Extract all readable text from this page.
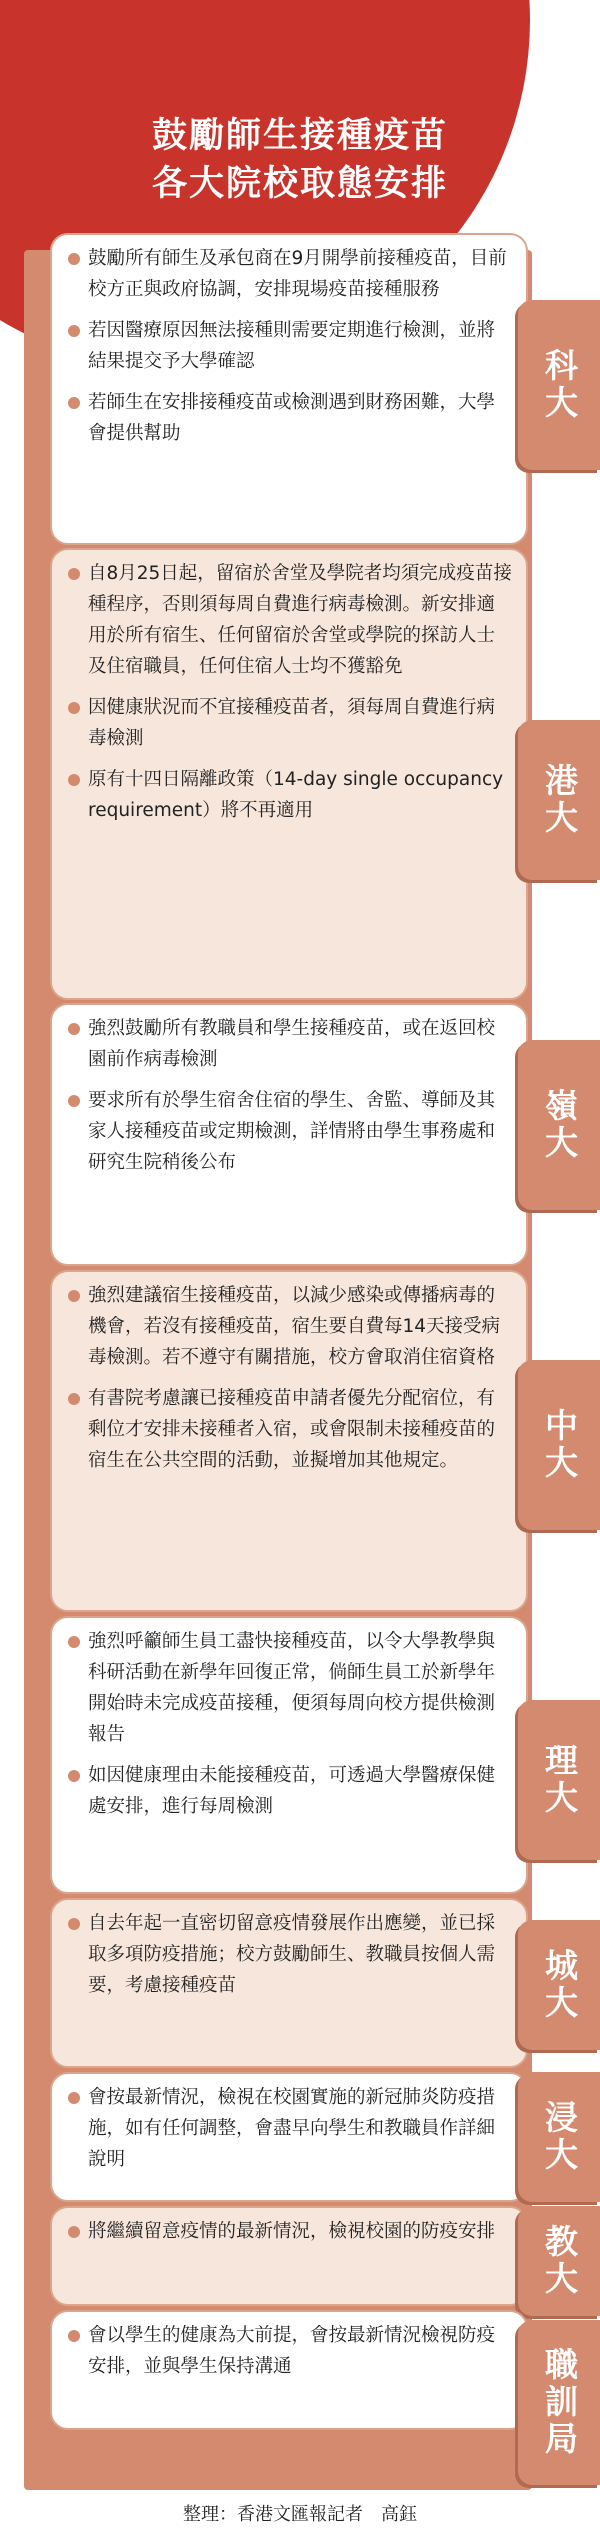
鼓勵師生接種疫苗
各大院校取態安排
鼓勵所有師生及承包商在9月開學前接種疫苗，目前校方正與政府協調，安排現場疫苗接種服務
若因醫療原因無法接種則需要定期進行檢測，並將結果提交予大學確認
若師生在安排接種疫苗或檢測遇到財務困難，大學會提供幫助
科大
自8月25日起，留宿於舍堂及學院者均須完成疫苗接種程序，否則須每周自費進行病毒檢測。新安排適用於所有宿生、任何留宿於舍堂或學院的探訪人士及住宿職員，任何住宿人士均不獲豁免
因健康狀況而不宜接種疫苗者，須每周自費進行病毒檢測
原有十四日隔離政策（14-day single occupancy requirement）將不再適用	港大
強烈鼓勵所有教職員和學生接種疫苗，或在返回校園前作病毒檢測
要求所有於學生宿舍住宿的學生、舍監、導師及其家人接種疫苗或定期檢測，詳情將由學生事務處和研究生院稍後公布
嶺大
強烈建議宿生接種疫苗，以減少感染或傳播病毒的機會，若沒有接種疫苗，宿生要自費每14天接受病毒檢測。若不遵守有關措施，校方會取消住宿資格
有書院考慮讓已接種疫苗申請者優先分配宿位，有剩位才安排未接種者入宿，或會限制未接種疫苗的宿生在公共空間的活動，並擬增加其他規定。	中大
強烈呼籲師生員工盡快接種疫苗，以令大學教學與科研活動在新學年回復正常，倘師生員工於新學年開始時未完成疫苗接種，便須每周向校方提供檢測報告
如因健康理由未能接種疫苗，可透過大學醫療保健處安排，進行每周檢測	理大
自去年起一直密切留意疫情發展作出應變，並已採取多項防疫措施；校方鼓勵師生、教職員按個人需要，考慮接種疫苗	城大
會按最新情況，檢視在校園實施的新冠肺炎防疫措施，如有任何調整，會盡早向學生和教職員作詳細說明	浸大
將繼續留意疫情的最新情況，檢視校園的防疫安排	教大
會以學生的健康為大前提，會按最新情況檢視防疫安排，並與學生保持溝通	職訓局
整理：香港文匯報記者　高鈺
